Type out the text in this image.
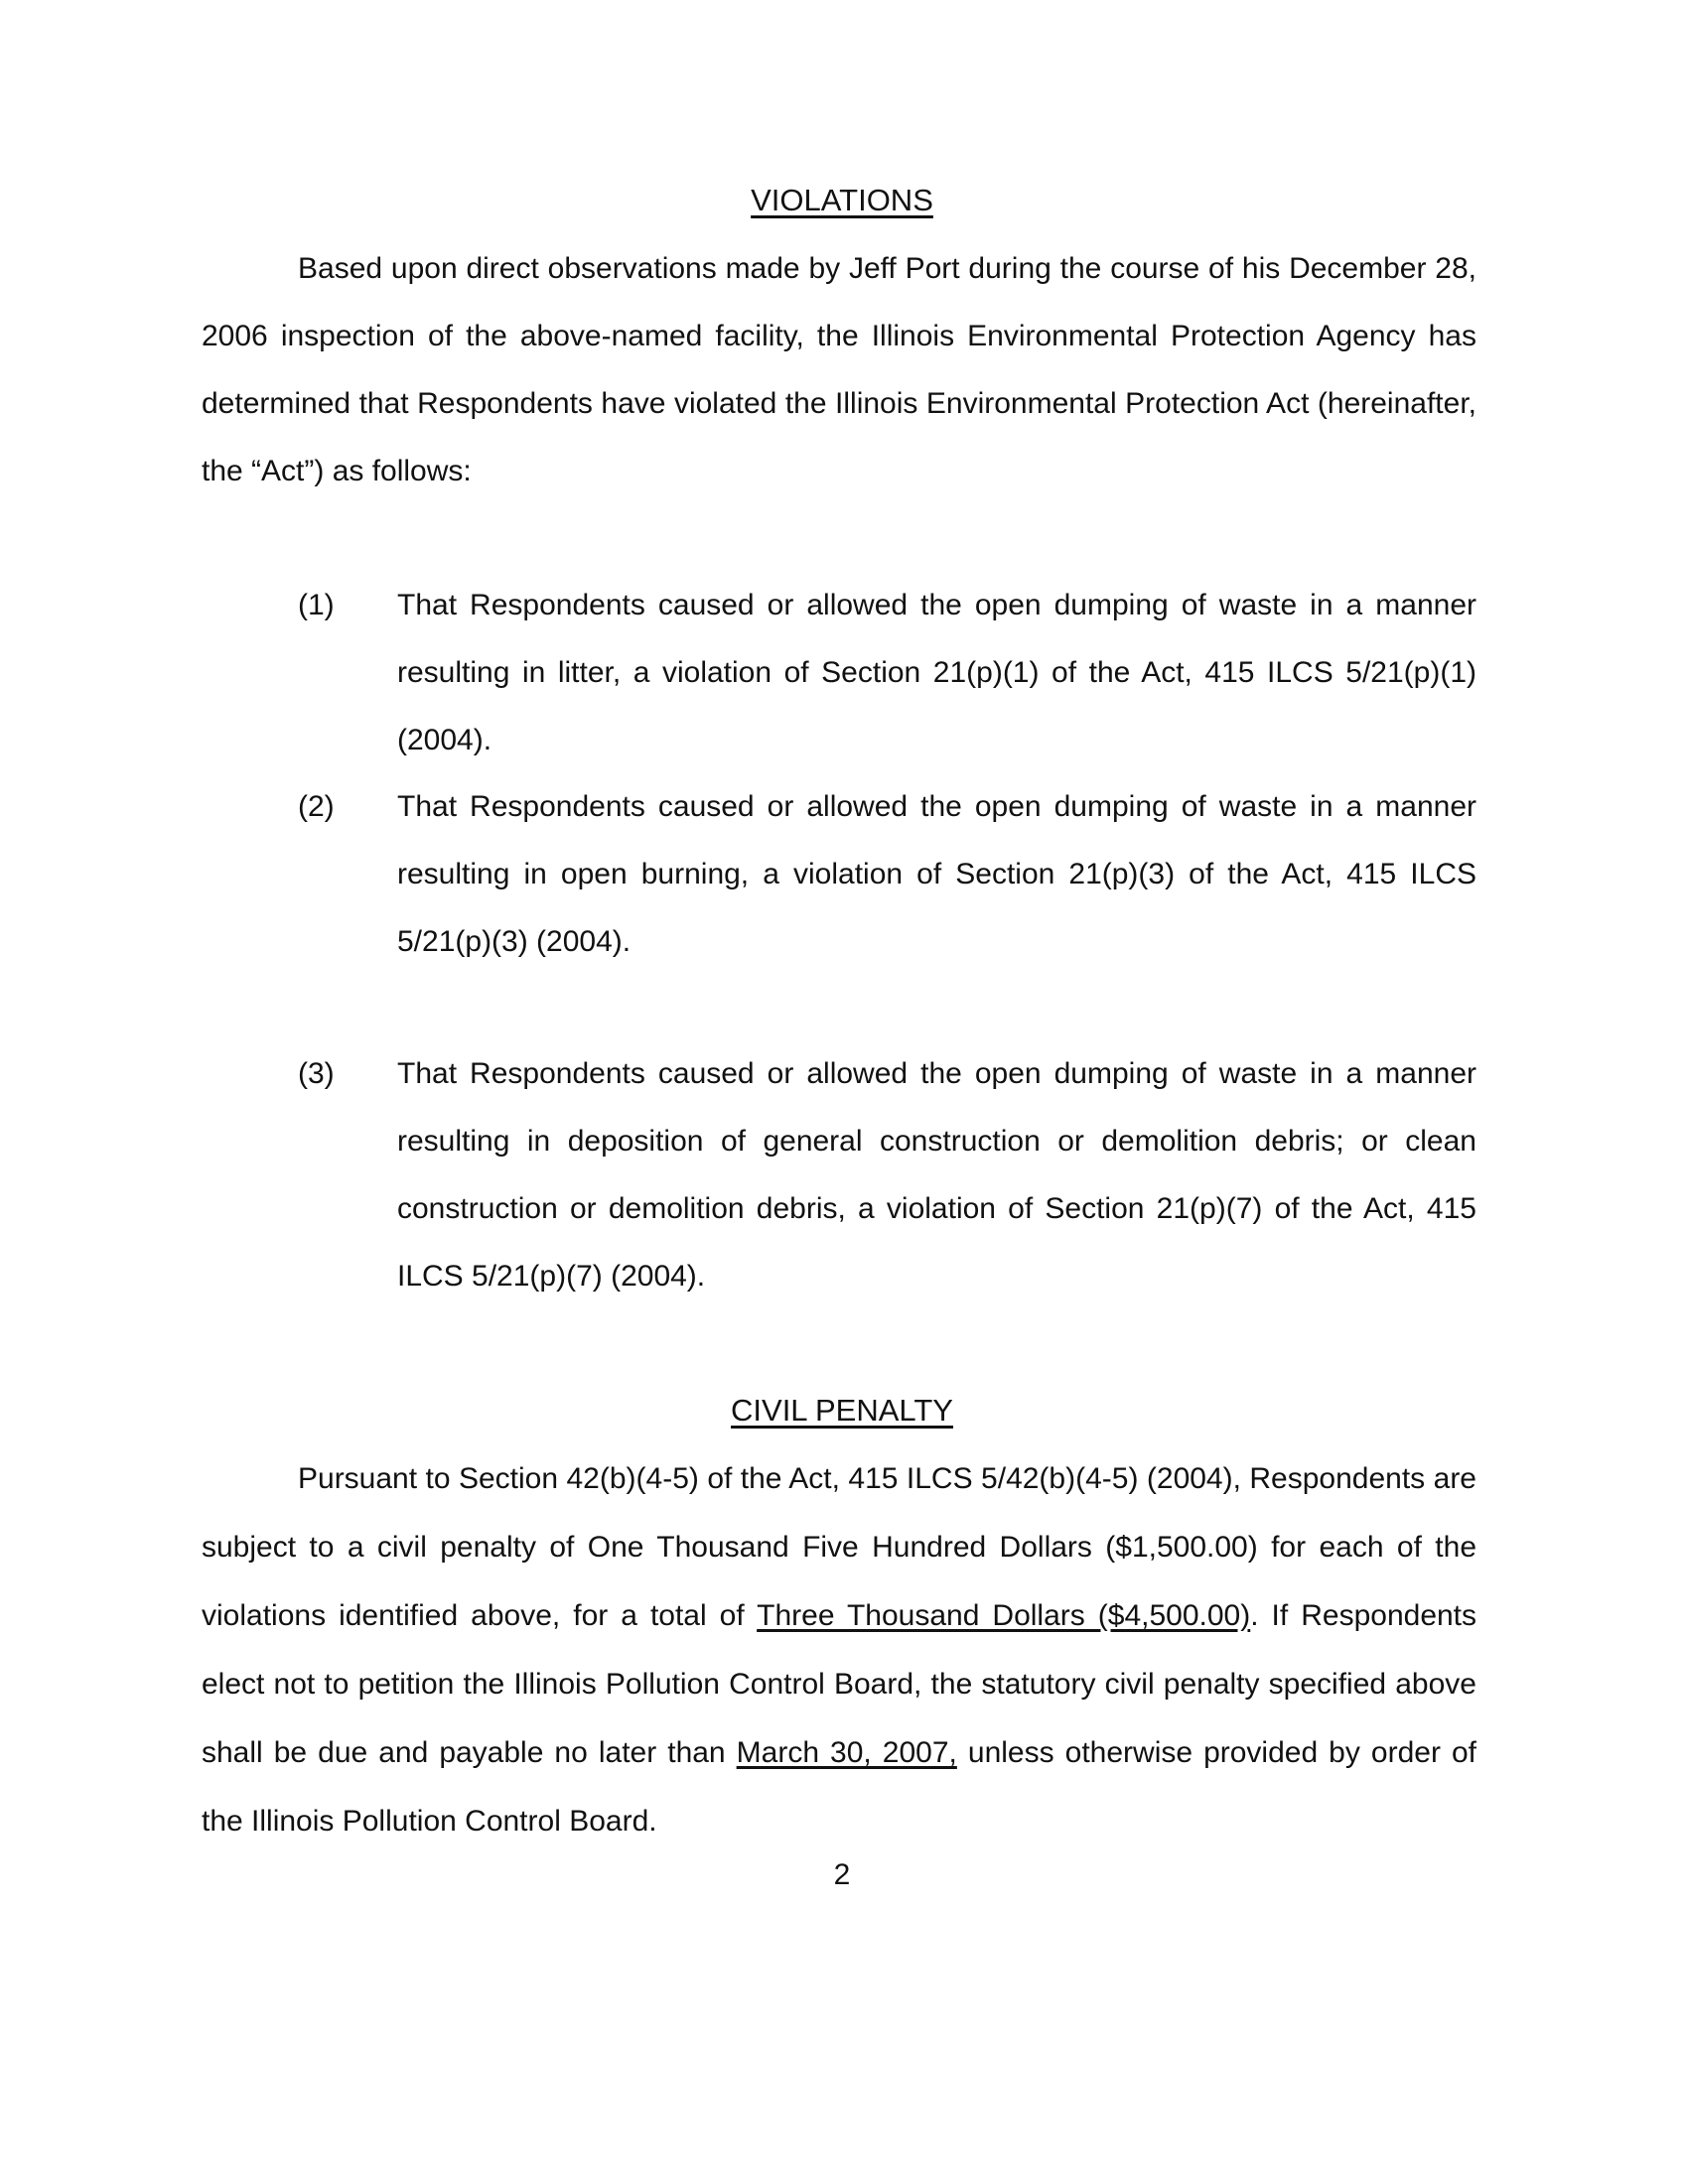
VIOLATIONS

Based upon direct observations made by Jeff Port during the course of his December 28, 2006 inspection of the above-named facility, the Illinois Environmental Protection Agency has determined that Respondents have violated the Illinois Environmental Protection Act (hereinafter, the “Act”) as follows:

(1) That Respondents caused or allowed the open dumping of waste in a manner resulting in litter, a violation of Section 21(p)(1) of the Act, 415 ILCS 5/21(p)(1) (2004).

(2) That Respondents caused or allowed the open dumping of waste in a manner resulting in open burning, a violation of Section 21(p)(3) of the Act, 415 ILCS 5/21(p)(3) (2004).

(3) That Respondents caused or allowed the open dumping of waste in a manner resulting in deposition of general construction or demolition debris; or clean construction or demolition debris, a violation of Section 21(p)(7) of the Act, 415 ILCS 5/21(p)(7) (2004).

CIVIL PENALTY

Pursuant to Section 42(b)(4-5) of the Act, 415 ILCS 5/42(b)(4-5) (2004), Respondents are subject to a civil penalty of One Thousand Five Hundred Dollars ($1,500.00) for each of the violations identified above, for a total of Three Thousand Dollars ($4,500.00). If Respondents elect not to petition the Illinois Pollution Control Board, the statutory civil penalty specified above shall be due and payable no later than March 30, 2007, unless otherwise provided by order of the Illinois Pollution Control Board.

2
